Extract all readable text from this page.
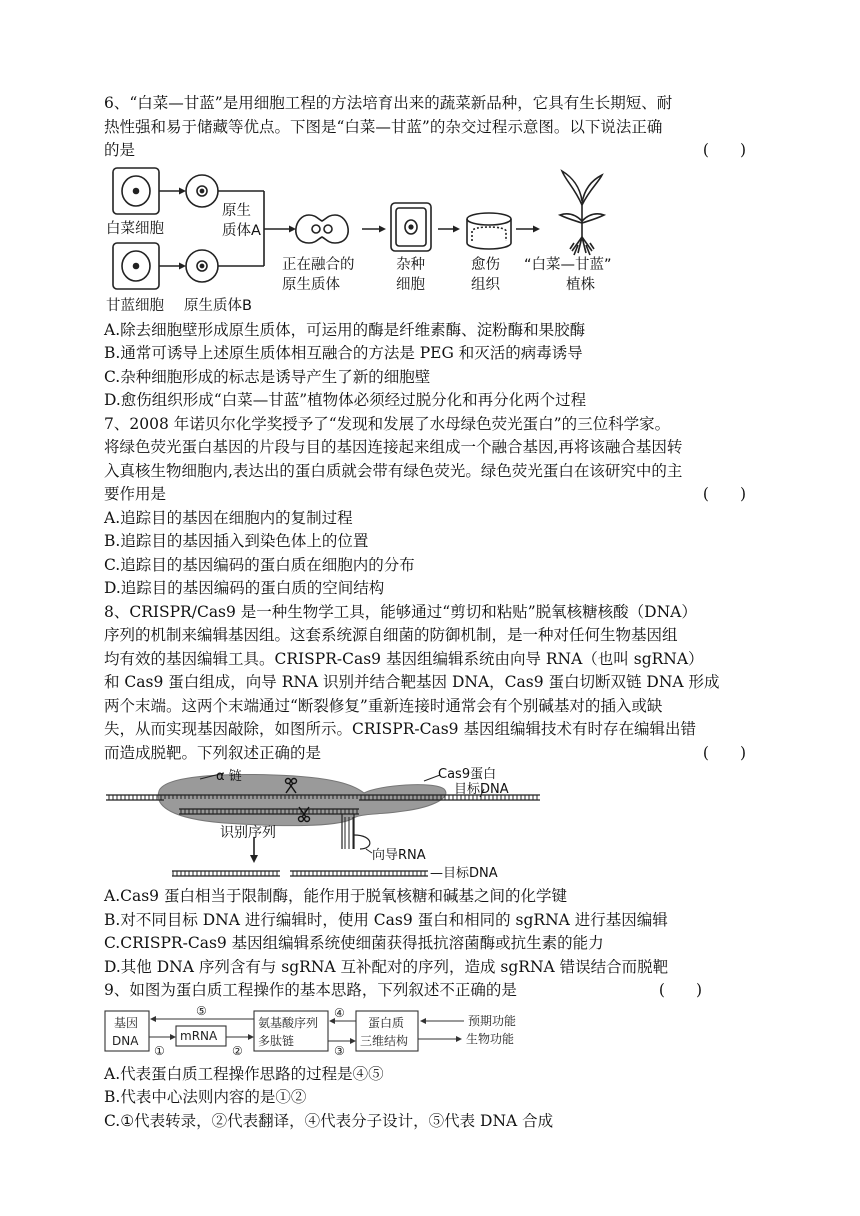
6、“白菜—甘蓝”是用细胞工程的方法培育出来的蔬菜新品种，它具有生长期短、耐
热性强和易于储藏等优点。下图是“白菜—甘蓝”的杂交过程示意图。以下说法正确
的是	(　　)
白菜细胞
原生
质体A
甘蓝细胞 原生质体B
正在融合的
原生质体
杂种
细胞
愈伤
组织
“白菜—甘蓝”
植株
A.除去细胞壁形成原生质体，可运用的酶是纤维素酶、淀粉酶和果胶酶
B.通常可诱导上述原生质体相互融合的方法是 PEG 和灭活的病毒诱导
C.杂种细胞形成的标志是诱导产生了新的细胞壁
D.愈伤组织形成“白菜—甘蓝”植物体必须经过脱分化和再分化两个过程
7、2008 年诺贝尔化学奖授予了“发现和发展了水母绿色荧光蛋白”的三位科学家。
将绿色荧光蛋白基因的片段与目的基因连接起来组成一个融合基因,再将该融合基因转
入真核生物细胞内,表达出的蛋白质就会带有绿色荧光。绿色荧光蛋白在该研究中的主
要作用是	(　　)
A.追踪目的基因在细胞内的复制过程
B.追踪目的基因插入到染色体上的位置
C.追踪目的基因编码的蛋白质在细胞内的分布
D.追踪目的基因编码的蛋白质的空间结构
8、CRISPR/Cas9 是一种生物学工具，能够通过“剪切和粘贴”脱氧核糖核酸（DNA）
序列的机制来编辑基因组。这套系统源自细菌的防御机制，是一种对任何生物基因组
均有效的基因编辑工具。CRISPR-Cas9 基因组编辑系统由向导 RNA（也叫 sgRNA）
和 Cas9 蛋白组成，向导 RNA 识别并结合靶基因 DNA，Cas9 蛋白切断双链 DNA 形成
两个末端。这两个末端通过“断裂修复”重新连接时通常会有个别碱基对的插入或缺
失，从而实现基因敲除，如图所示。CRISPR-Cas9 基因组编辑技术有时存在编辑出错
而造成脱靶。下列叙述正确的是	(　　)
α 链	Cas9蛋白
目标DNA
识别序列
向导RNA
—目标DNA
A.Cas9 蛋白相当于限制酶，能作用于脱氧核糖和碱基之间的化学键
B.对不同目标 DNA 进行编辑时，使用 Cas9 蛋白和相同的 sgRNA 进行基因编辑
C.CRISPR-Cas9 基因组编辑系统使细菌获得抵抗溶菌酶或抗生素的能力
D.其他 DNA 序列含有与 sgRNA 互补配对的序列，造成 sgRNA 错误结合而脱靶
9、如图为蛋白质工程操作的基本思路，下列叙述不正确的是	(　　)
基因
DNA	mRNA
氨基酸序列
多肽链
蛋白质
三维结构
预期功能
生物功能
⑤
①	②	③
④
A.代表蛋白质工程操作思路的过程是④⑤
B.代表中心法则内容的是①②
C.①代表转录，②代表翻译，④代表分子设计，⑤代表 DNA 合成
